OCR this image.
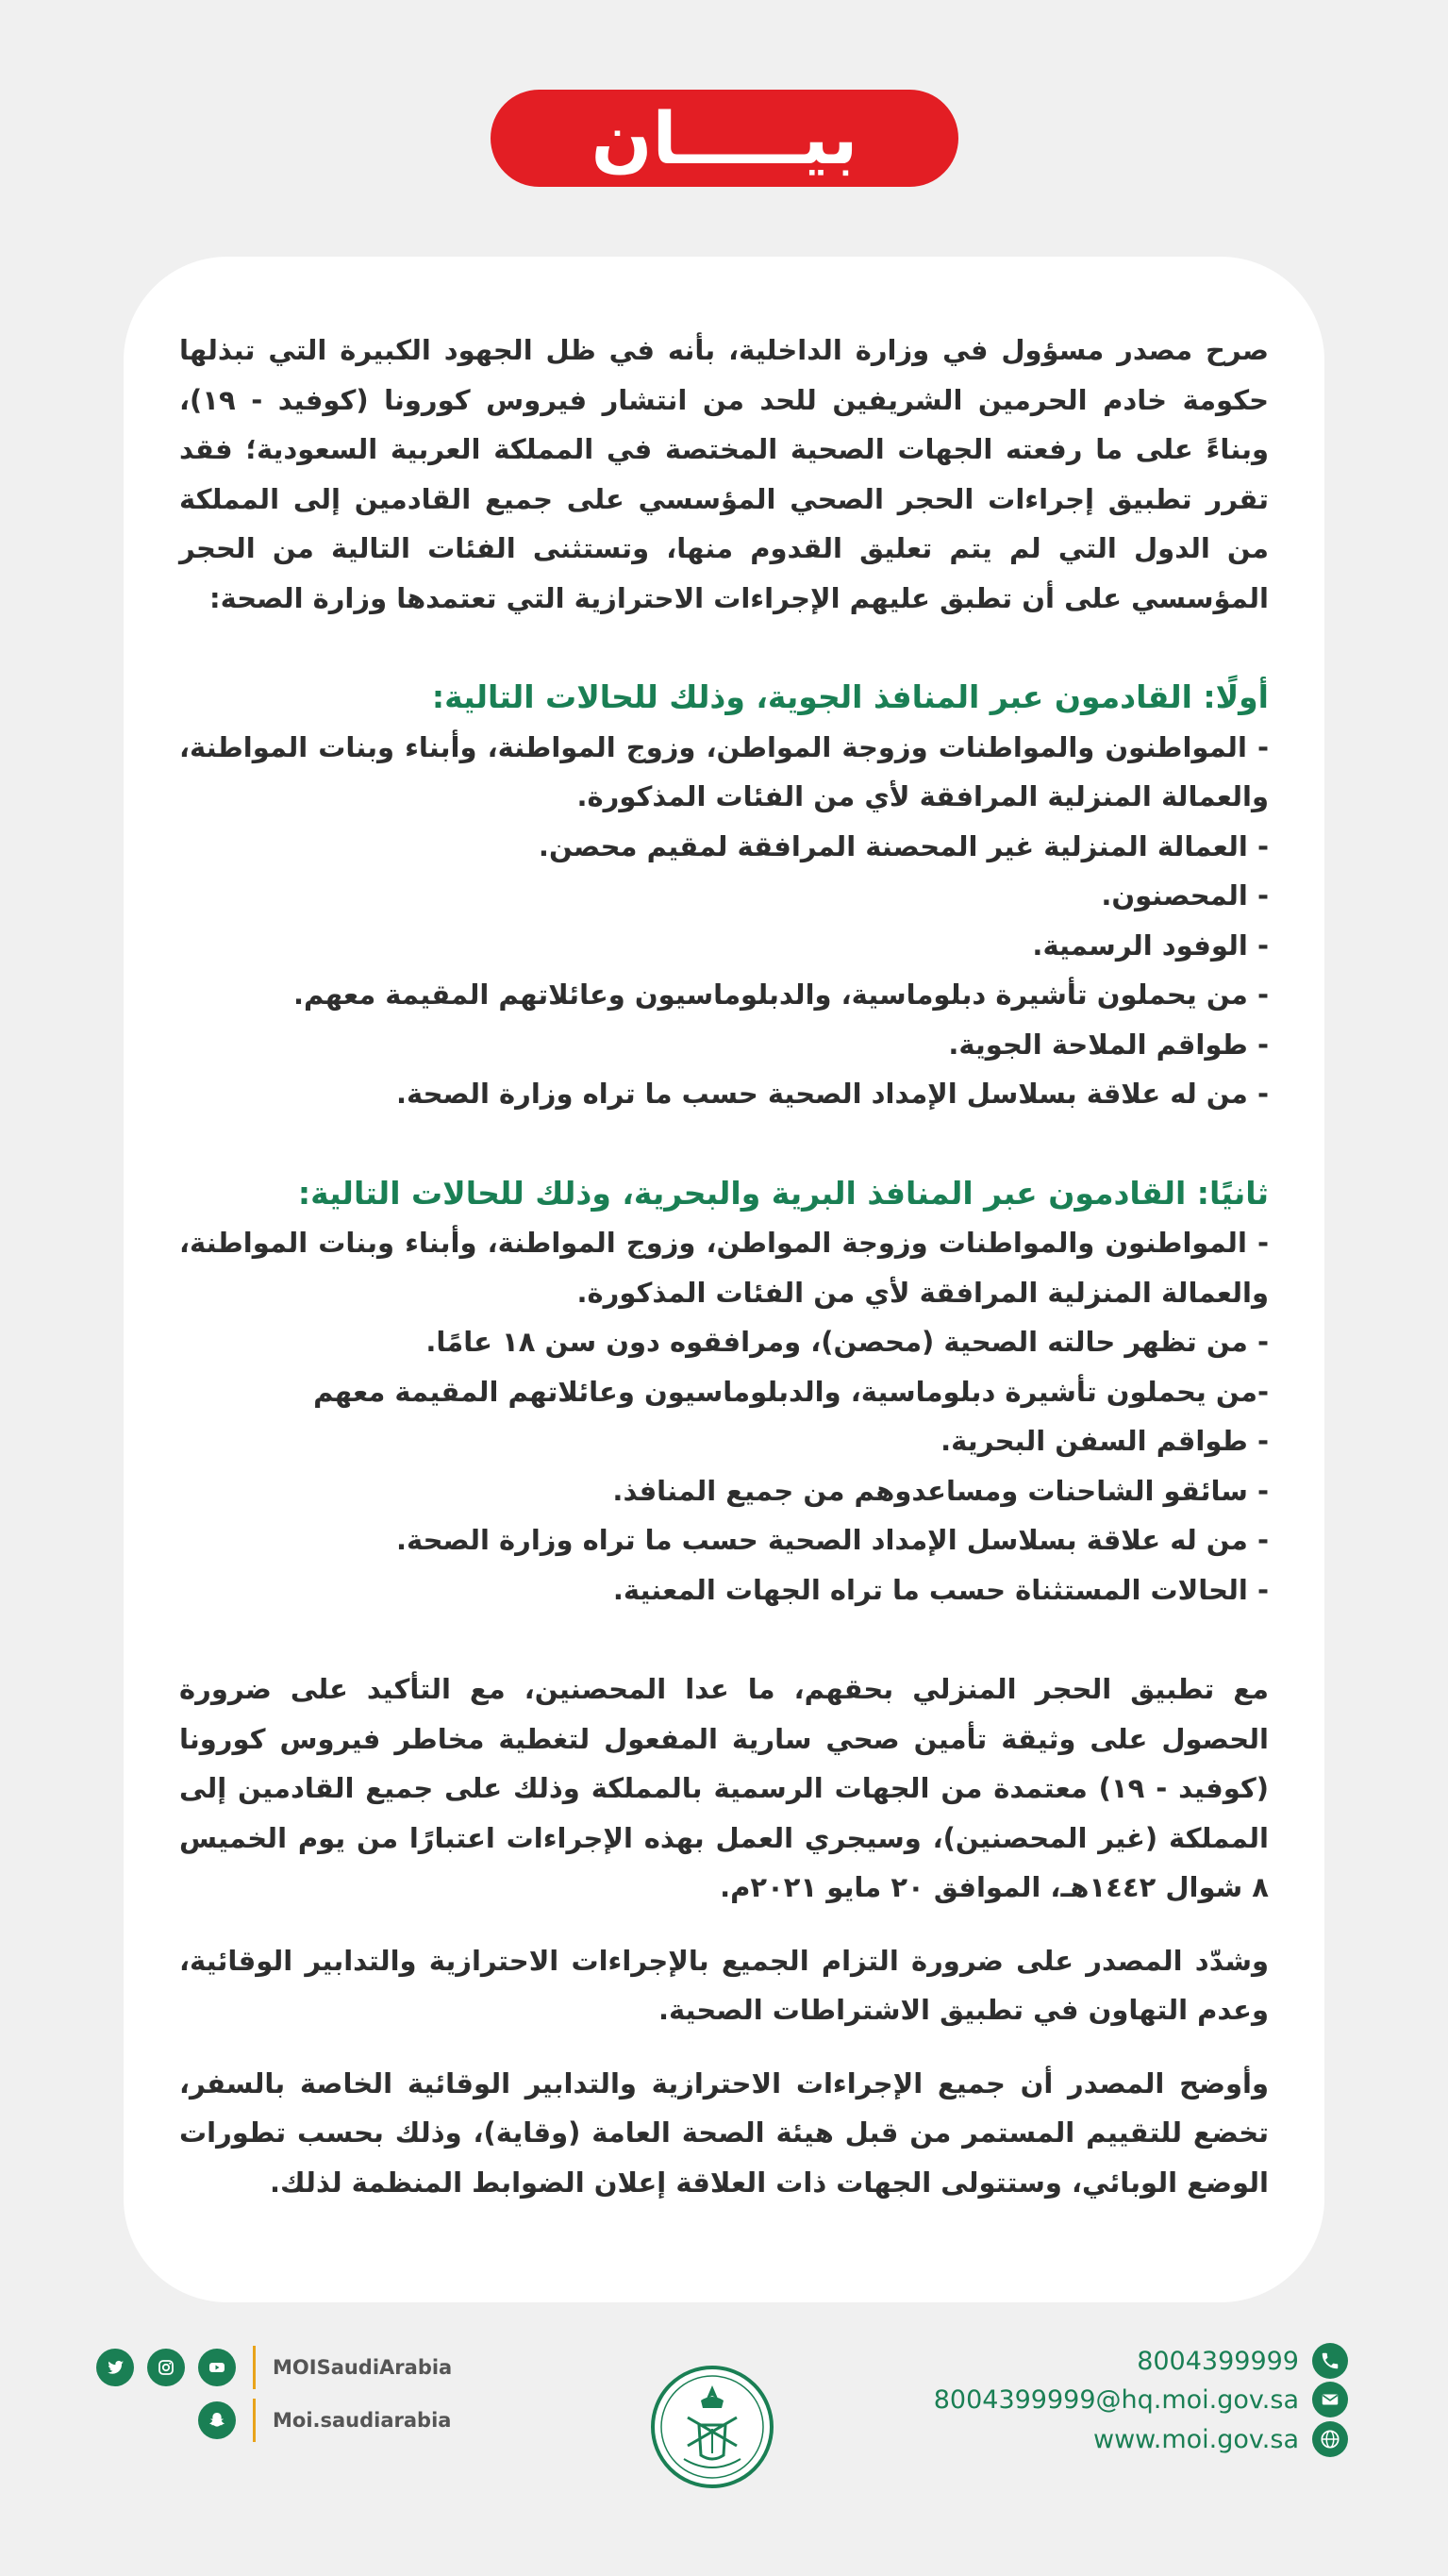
بيـــــان

صرح مصدر مسؤول في وزارة الداخلية، بأنه في ظل الجهود الكبيرة التي تبذلها حكومة خادم الحرمين الشريفين للحد من انتشار فيروس كورونا (كوفيد - ١٩)، وبناءً على ما رفعته الجهات الصحية المختصة في المملكة العربية السعودية؛ فقد تقرر تطبيق إجراءات الحجر الصحي المؤسسي على جميع القادمين إلى المملكة من الدول التي لم يتم تعليق القدوم منها، وتستثنى الفئات التالية من الحجر المؤسسي على أن تطبق عليهم الإجراءات الاحترازية التي تعتمدها وزارة الصحة:

أولًا: القادمون عبر المنافذ الجوية، وذلك للحالات التالية:

- المواطنون والمواطنات وزوجة المواطن، وزوج المواطنة، وأبناء وبنات المواطنة، والعمالة المنزلية المرافقة لأي من الفئات المذكورة.
- العمالة المنزلية غير المحصنة المرافقة لمقيم محصن.
- المحصنون.
- الوفود الرسمية.
- من يحملون تأشيرة دبلوماسية، والدبلوماسيون وعائلاتهم المقيمة معهم.
- طواقم الملاحة الجوية.
- من له علاقة بسلاسل الإمداد الصحية حسب ما تراه وزارة الصحة.

ثانيًا: القادمون عبر المنافذ البرية والبحرية، وذلك للحالات التالية:

- المواطنون والمواطنات وزوجة المواطن، وزوج المواطنة، وأبناء وبنات المواطنة، والعمالة المنزلية المرافقة لأي من الفئات المذكورة.
- من تظهر حالته الصحية (محصن)، ومرافقوه دون سن ١٨ عامًا.
-من يحملون تأشيرة دبلوماسية، والدبلوماسيون وعائلاتهم المقيمة معهم
- طواقم السفن البحرية.
- سائقو الشاحنات ومساعدوهم من جميع المنافذ.
- من له علاقة بسلاسل الإمداد الصحية حسب ما تراه وزارة الصحة.
- الحالات المستثناة حسب ما تراه الجهات المعنية.

مع تطبيق الحجر المنزلي بحقهم، ما عدا المحصنين، مع التأكيد على ضرورة الحصول على وثيقة تأمين صحي سارية المفعول لتغطية مخاطر فيروس كورونا (كوفيد - ١٩) معتمدة من الجهات الرسمية بالمملكة وذلك على جميع القادمين إلى المملكة (غير المحصنين)، وسيجري العمل بهذه الإجراءات اعتبارًا من يوم الخميس ٨ شوال ١٤٤٢هـ، الموافق ٢٠ مايو ٢٠٢١م.

وشدّد المصدر على ضرورة التزام الجميع بالإجراءات الاحترازية والتدابير الوقائية، وعدم التهاون في تطبيق الاشتراطات الصحية.

وأوضح المصدر أن جميع الإجراءات الاحترازية والتدابير الوقائية الخاصة بالسفر، تخضع للتقييم المستمر من قبل هيئة الصحة العامة (وقاية)، وذلك بحسب تطورات الوضع الوبائي، وستتولى الجهات ذات العلاقة إعلان الضوابط المنظمة لذلك.

8004399999
8004399999@hq.moi.gov.sa
www.moi.gov.sa
MOISaudiArabia
Moi.saudiarabia
